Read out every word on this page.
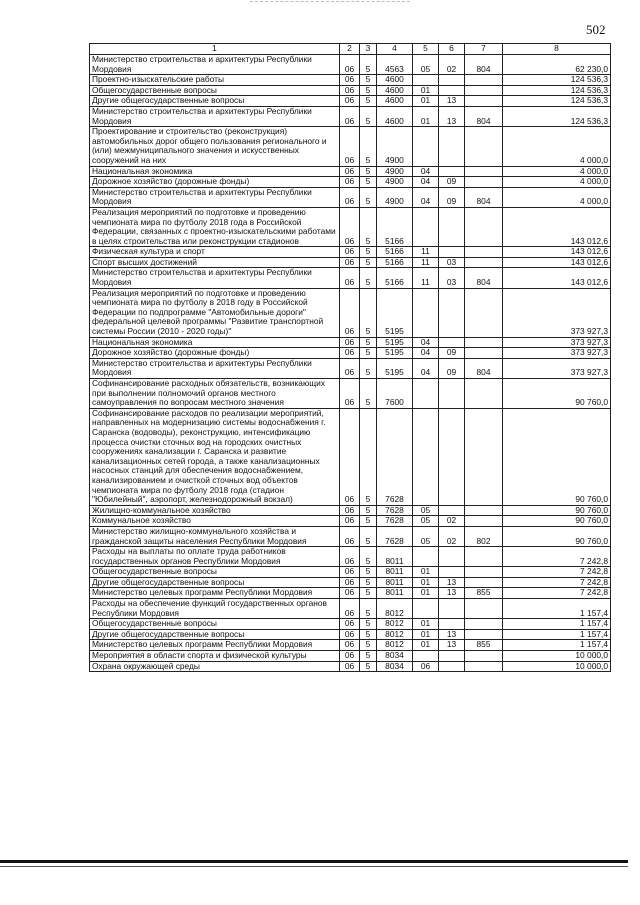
502
1	2	3	4	5	6	7	8
Министерство строительства и архитектуры Республики Мордовия	06	5	4563	05	02	804	62 230,0
Проектно-изыскательские работы	06	5	4600				124 536,3
Общегосударственные вопросы	06	5	4600	01			124 536,3
Другие общегосударственные вопросы	06	5	4600	01	13		124 536,3
Министерство строительства и архитектуры Республики Мордовия	06	5	4600	01	13	804	124 536,3
Проектирование и строительство (реконструкция) автомобильных дорог общего пользования регионального и (или) межмуниципального значения и искусственных сооружений на них	06	5	4900				4 000,0
Национальная экономика	06	5	4900	04			4 000,0
Дорожное хозяйство (дорожные фонды)	06	5	4900	04	09		4 000,0
Министерство строительства и архитектуры Республики Мордовия	06	5	4900	04	09	804	4 000,0
Реализация мероприятий по подготовке и проведению чемпионата мира по футболу 2018 года в Российской Федерации, связанных с проектно-изыскательскими работами в целях строительства или реконструкции стадионов	06	5	5166				143 012,6
Физическая культура и спорт	06	5	5166	11			143 012,6
Спорт высших достижений	06	5	5166	11	03		143 012,6
Министерство строительства и архитектуры Республики Мордовия	06	5	5166	11	03	804	143 012,6
Реализация мероприятий по подготовке и проведению чемпионата мира по футболу в 2018 году в Российской Федерации по подпрограмме "Автомобильные дороги" федеральной целевой программы "Развитие транспортной системы России (2010 - 2020 годы)"	06	5	5195				373 927,3
Национальная экономика	06	5	5195	04			373 927,3
Дорожное хозяйство (дорожные фонды)	06	5	5195	04	09		373 927,3
Министерство строительства и архитектуры Республики Мордовия	06	5	5195	04	09	804	373 927,3
Софинансирование расходных обязательств, возникающих при выполнении полномочий органов местного самоуправления по вопросам местного значения	06	5	7600				90 760,0
Софинансирование расходов по реализации мероприятий, направленных на модернизацию системы водоснабжения г. Саранска (водоводы), реконструкцию, интенсификацию процесса очистки сточных вод на городских очистных сооружениях канализации г. Саранска и развитие канализационных сетей города, а также канализационных насосных станций для обеспечения водоснабжением, канализированием и очисткой сточных вод объектов чемпионата мира по футболу 2018 года (стадион "Юбилейный", аэропорт, железнодорожный вокзал)	06	5	7628				90 760,0
Жилищно-коммунальное хозяйство	06	5	7628	05			90 760,0
Коммунальное хозяйство	06	5	7628	05	02		90 760,0
Министерство жилищно-коммунального хозяйства и гражданской защиты населения Республики Мордовия	06	5	7628	05	02	802	90 760,0
Расходы на выплаты по оплате труда работников государственных органов Республики Мордовия	06	5	8011				7 242,8
Общегосударственные вопросы	06	5	8011	01			7 242,8
Другие общегосударственные вопросы	06	5	8011	01	13		7 242,8
Министерство целевых программ Республики Мордовия	06	5	8011	01	13	855	7 242,8
Расходы на обеспечение функций государственных органов Республики Мордовия	06	5	8012				1 157,4
Общегосударственные вопросы	06	5	8012	01			1 157,4
Другие общегосударственные вопросы	06	5	8012	01	13		1 157,4
Министерство целевых программ Республики Мордовия	06	5	8012	01	13	855	1 157,4
Мероприятия в области спорта и физической культуры	06	5	8034				10 000,0
Охрана окружающей среды	06	5	8034	06			10 000,0
